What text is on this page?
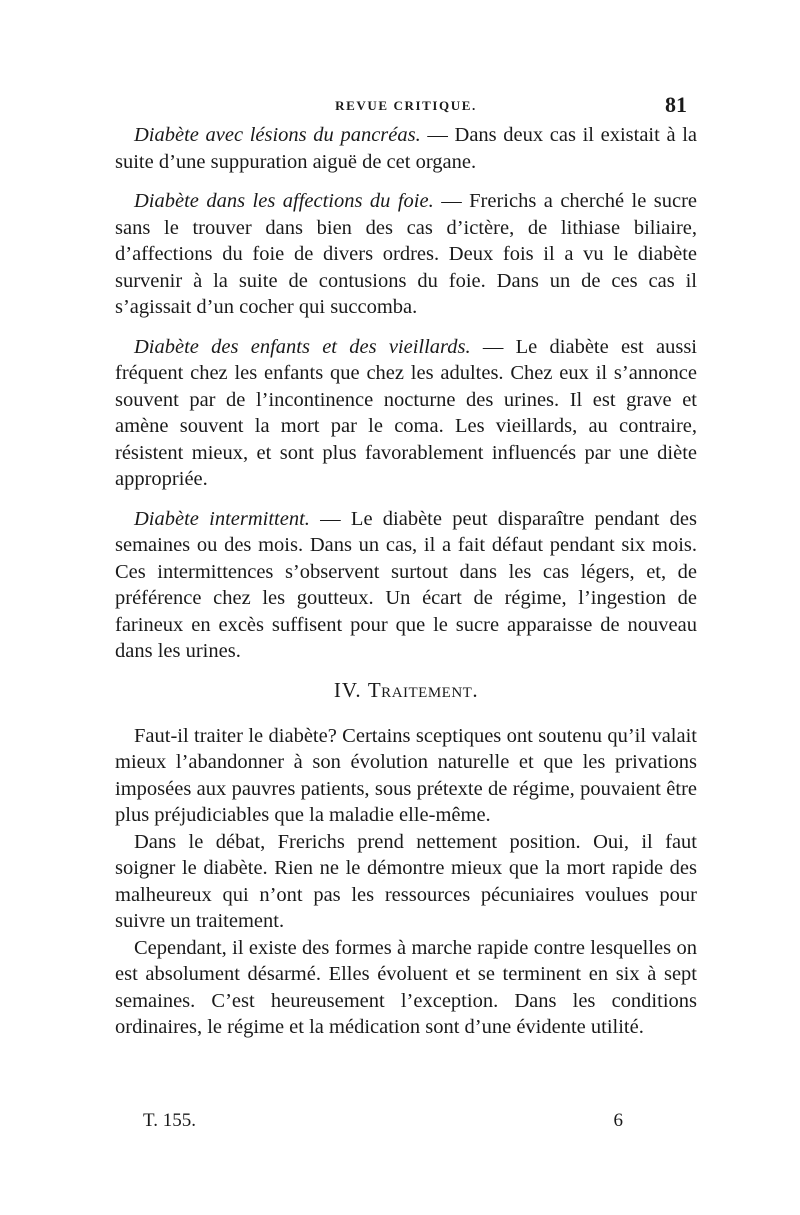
REVUE CRITIQUE.	81

Diabète avec lésions du pancréas. — Dans deux cas il existait à la suite d’une suppuration aiguë de cet organe.

Diabète dans les affections du foie. — Frerichs a cherché le sucre sans le trouver dans bien des cas d’ictère, de lithiase biliaire, d’affections du foie de divers ordres. Deux fois il a vu le diabète survenir à la suite de contusions du foie. Dans un de ces cas il s’agissait d’un cocher qui succomba.

Diabète des enfants et des vieillards. — Le diabète est aussi fréquent chez les enfants que chez les adultes. Chez eux il s’annonce souvent par de l’incontinence nocturne des urines. Il est grave et amène souvent la mort par le coma. Les vieillards, au contraire, résistent mieux, et sont plus favorablement influencés par une diète appropriée.

Diabète intermittent. — Le diabète peut disparaître pendant des semaines ou des mois. Dans un cas, il a fait défaut pendant six mois. Ces intermittences s’observent surtout dans les cas légers, et, de préférence chez les goutteux. Un écart de régime, l’ingestion de farineux en excès suffisent pour que le sucre apparaisse de nouveau dans les urines.

IV. Traitement.

Faut-il traiter le diabète? Certains sceptiques ont soutenu qu’il valait mieux l’abandonner à son évolution naturelle et que les privations imposées aux pauvres patients, sous prétexte de régime, pouvaient être plus préjudiciables que la maladie elle-même.

Dans le débat, Frerichs prend nettement position. Oui, il faut soigner le diabète. Rien ne le démontre mieux que la mort rapide des malheureux qui n’ont pas les ressources pécuniaires voulues pour suivre un traitement.

Cependant, il existe des formes à marche rapide contre lesquelles on est absolument désarmé. Elles évoluent et se terminent en six à sept semaines. C’est heureusement l’exception. Dans les conditions ordinaires, le régime et la médication sont d’une évidente utilité.

T. 155.	6
